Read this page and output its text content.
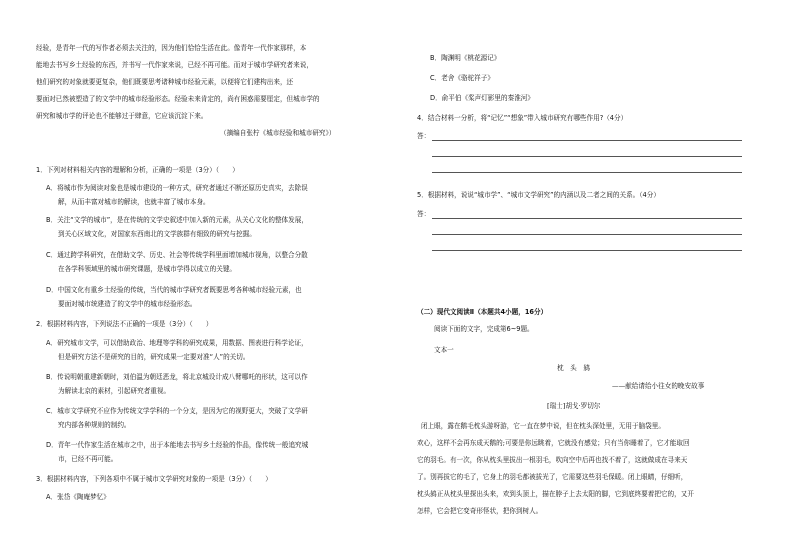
经验，是青年一代的写作者必须去关注的，因为他们恰恰生活在此。像青年一代作家那样，本
能地去书写乡土经验的东西，并书写一代作家来说，已经不再可能。而对于城市学研究者来说，
他们研究的对象就要更复杂，他们既要思考诸种城市经验元素，以便将它们建构出来，还
要面对已然被塑造了的文学中的城市经验形态。经验未来肯定的，尚有困惑需要厘定，但城市学的
研究和城市学的评论也不能够过于肆意，它应该沉淀下来。
（摘编自张柠《城市经验和城市研究》）
1．下列对材料相关内容的理解和分析，正确的一项是（3分）（　　）
A．将城市作为阅读对象也是城市建设的一种方式，研究者通过不断还原历史真实，去除误
解，从而丰富对城市的解读，也就丰富了城市本身。
B．关注“文学的城市”，是在传统的文学史叙述中加入新的元素，从关心文化的整体发展，
到关心区域文化，对国家东西南北的文学族群有细致的研究与挖掘。
C．通过跨学科研究，在借助文学、历史、社会等传统学科里面增加城市视角，以整合分散
在各学科领域里的城市研究课题，是城市学得以成立的关键。
D．中国文化有重乡土经验的传统，当代的城市学研究者既要思考各种城市经验元素，也
要面对城市统建造了的文学中的城市经验形态。
2．根据材料内容，下列说法不正确的一项是（3分）（　　）
A．研究城市文学，可以借助政治、地理等学科的研究成果，用数据、图表进行科学论证，
但是研究方法不是研究的目的，研究成果一定要对准“人”的关切。
B．传说明朝重建新朝时，刘伯温为朝廷恶龙，将北京城设计成八臂哪吒的形状，这可以作
为解读北京的素材，引起研究者重视。
C．城市文学研究不应作为传统文学学科的一个分支，是因为它的视野更大，突破了文学研
究内部各种规则的制约。
D．青年一代作家生活在城市之中，出于本能地去书写乡土经验的作品，像传统一般追究城
市，已经不再可能。
3．根据材料内容，下列各项中不属于城市文学研究对象的一项是（3分）（　　）
A．张岱《陶庵梦忆》
B．陶渊明《桃花源记》
C．老舍《骆驼祥子》
D．俞平伯《桨声灯影里的秦淮河》
4．结合材料一分析，将“记忆”“想象”带入城市研究有哪些作用?（4分）
答：
5．根据材料，说说“城市学”、“城市文学研究”的内涵以及二者之间的关系。（4分）
答：
（二）现代文阅读Ⅱ（本题共4小题，16分）
阅读下面的文字，完成第6~9题。
文本一
枕　头　鸫
——献给请给小往女的晚安故事
[瑞士]胡戈·罗切尔
闭上眼，露在鹅毛枕头游呀游，它一直在梦中说，但在枕头深处里，无用于脑袋里。
欢心，这样不会再东成天鹅的;可要是你远眺着，它就没有感觉；只有当你睡着了，它才能取回
它的羽毛。有一次，你从枕头里拔出一根羽毛，吹向空中后再也找不着了，这就做成在寻来天
了。别再拔它的毛了，它身上的羽毛都被拔光了，它需要这些羽毛保暖。闭上眼睛，仔细听，
枕头鸫正从枕头里探出头来，欢到头顶上，描在脖子上去太阳的脚，它到底终要着把它的，又开
怎样，它会把它变奇形怪状，把你到树人。
